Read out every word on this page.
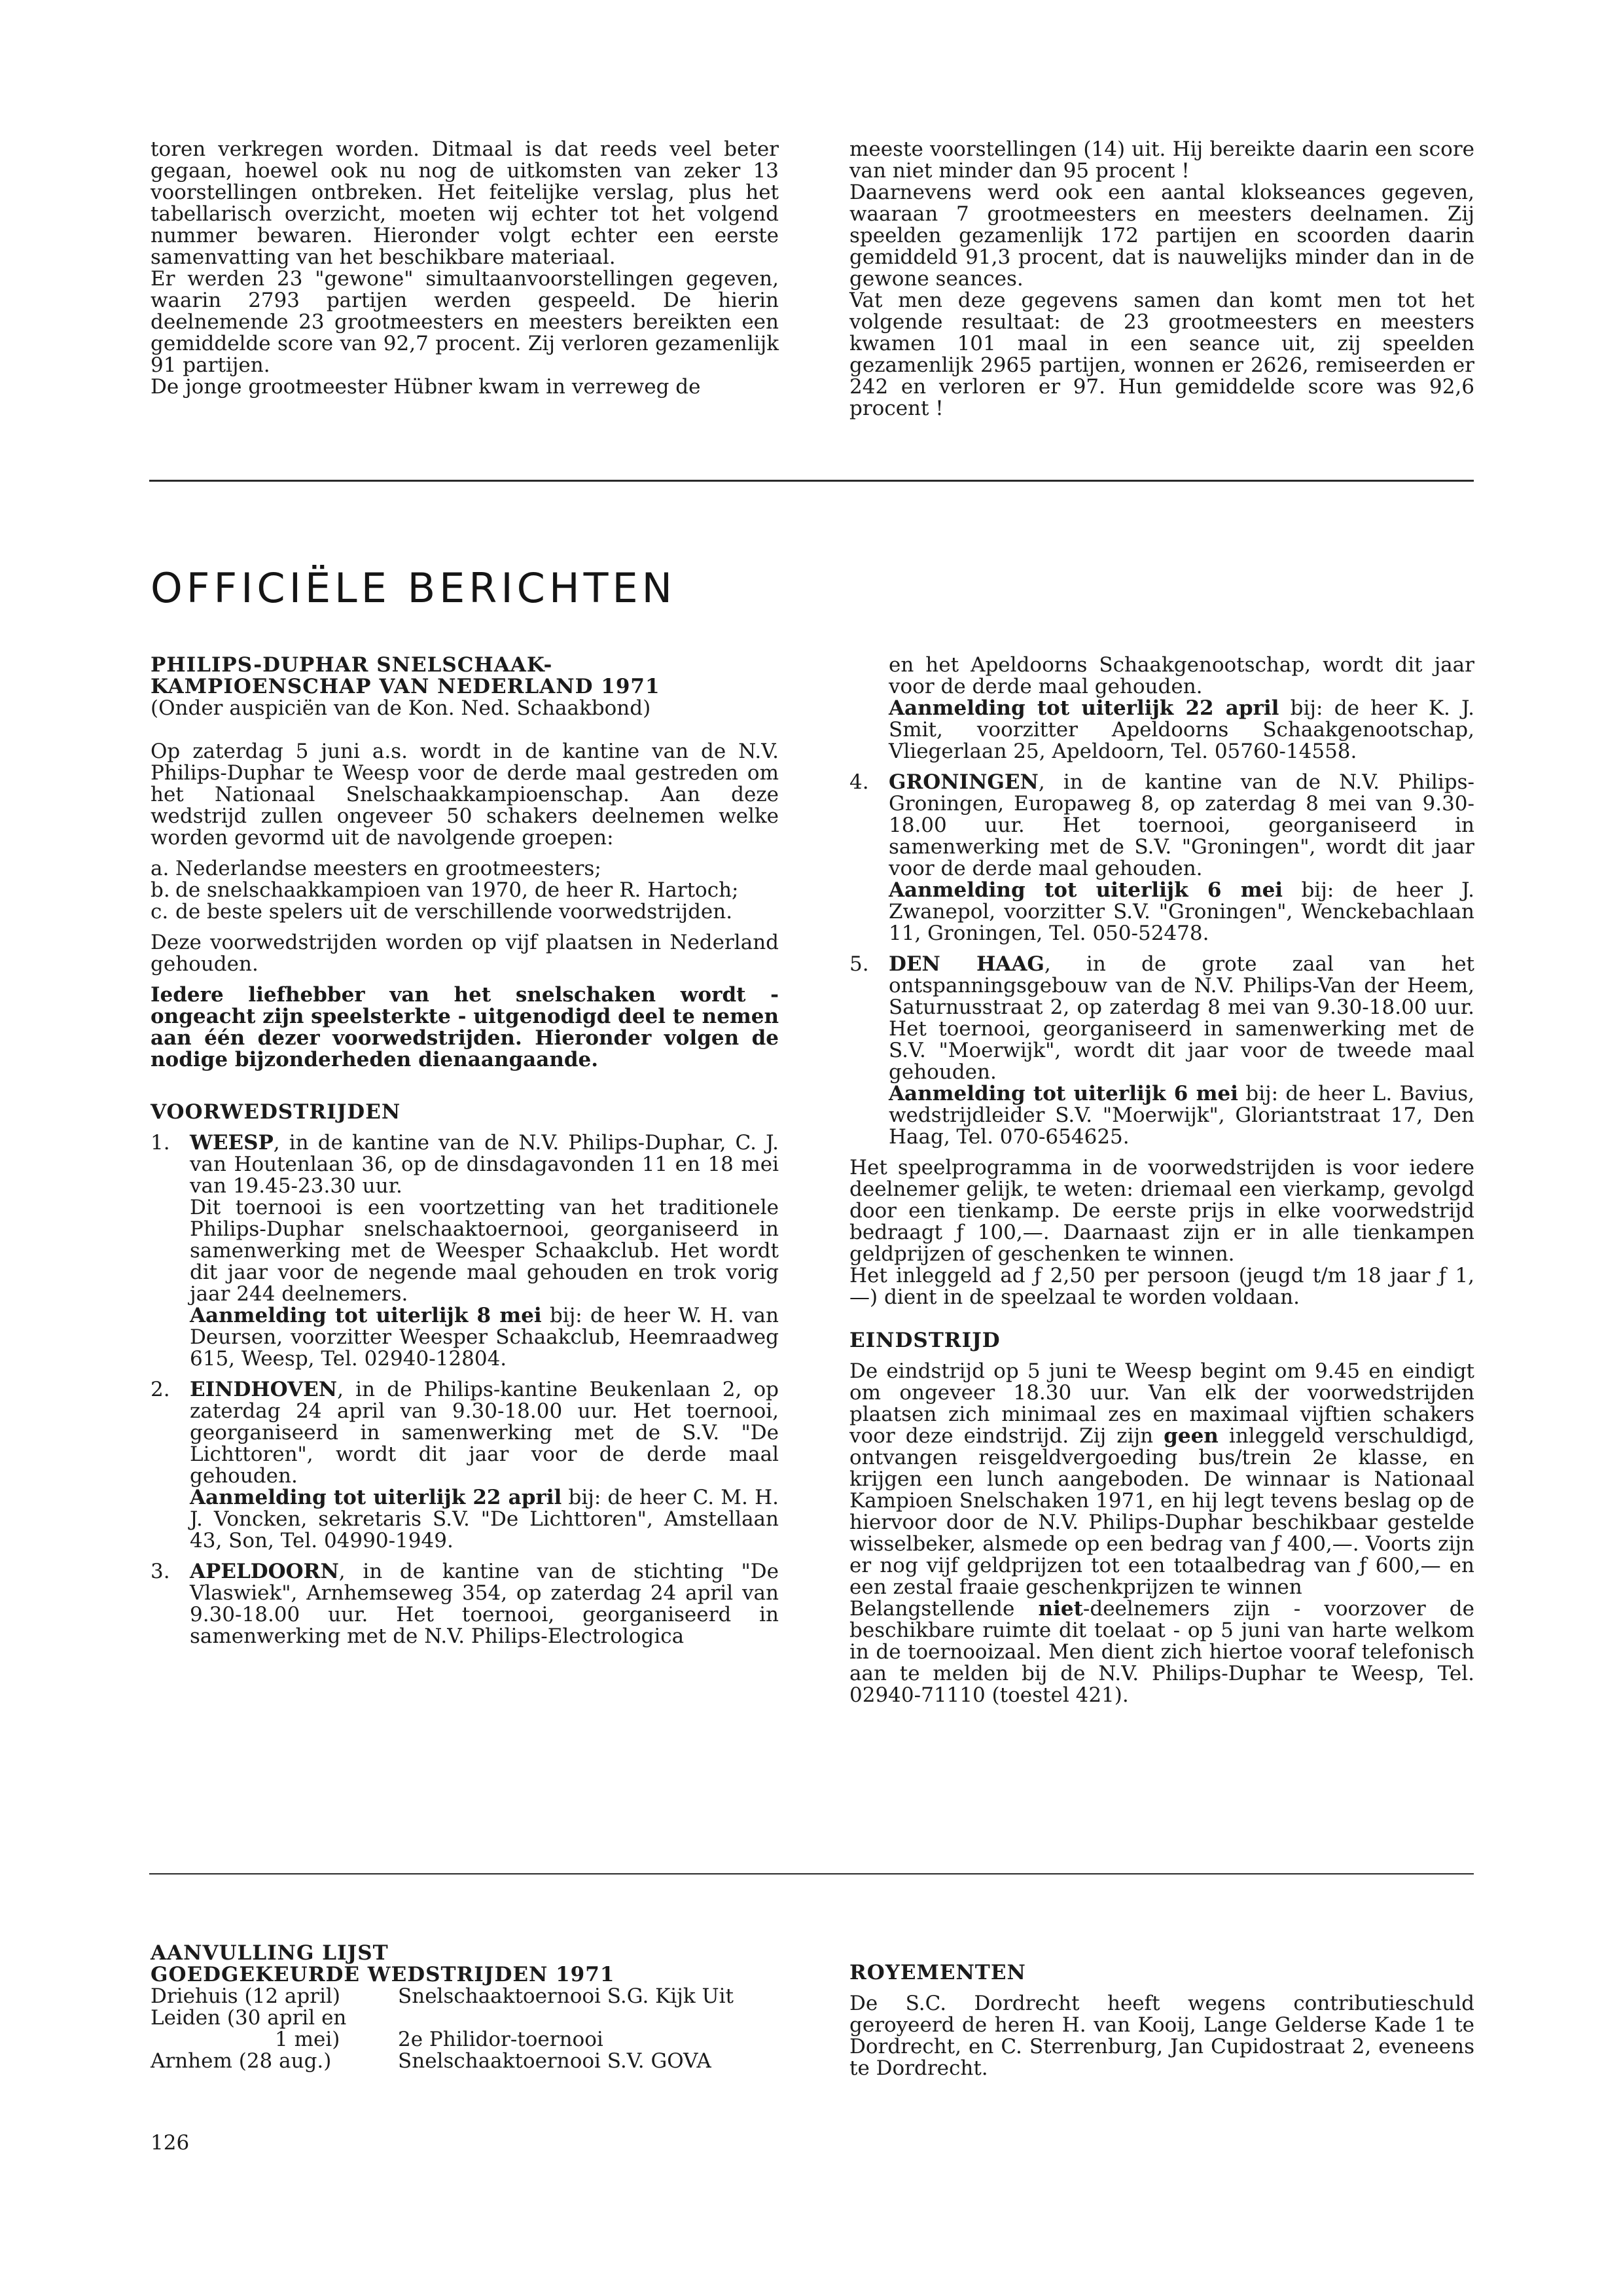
toren verkregen worden. Ditmaal is dat reeds veel beter gegaan, hoewel ook nu nog de uitkomsten van zeker 13 voorstellingen ontbreken. Het feitelijke verslag, plus het tabellarisch overzicht, moeten wij echter tot het volgend nummer bewaren. Hieronder volgt echter een eerste samenvatting van het beschikbare materiaal.

Er werden 23 "gewone" simultaanvoorstellingen gegeven, waarin 2793 partijen werden gespeeld. De hierin deelnemende 23 grootmeesters en meesters bereikten een gemiddelde score van 92,7 procent. Zij verloren gezamenlijk 91 partijen.

De jonge grootmeester Hübner kwam in verreweg de

meeste voorstellingen (14) uit. Hij bereikte daarin een score van niet minder dan 95 procent !

Daarnevens werd ook een aantal klokseances gegeven, waaraan 7 grootmeesters en meesters deelnamen. Zij speelden gezamenlijk 172 partijen en scoorden daarin gemiddeld 91,3 procent, dat is nauwelijks minder dan in de gewone seances.

Vat men deze gegevens samen dan komt men tot het volgende resultaat: de 23 grootmeesters en meesters kwamen 101 maal in een seance uit, zij speelden gezamenlijk 2965 partijen, wonnen er 2626, remiseerden er 242 en verloren er 97. Hun gemiddelde score was 92,6 procent !

OFFICIËLE BERICHTEN
PHILIPS-DUPHAR SNELSCHAAK-
KAMPIOENSCHAP VAN NEDERLAND 1971

(Onder auspiciën van de Kon. Ned. Schaakbond)

Op zaterdag 5 juni a.s. wordt in de kantine van de N.V. Philips-Duphar te Weesp voor de derde maal gestreden om het Nationaal Snelschaakkampioenschap. Aan deze wedstrijd zullen ongeveer 50 schakers deelnemen welke worden gevormd uit de navolgende groepen:

a. Nederlandse meesters en grootmeesters;
b. de snelschaakkampioen van 1970, de heer R. Hartoch;
c. de beste spelers uit de verschillende voorwedstrijden.

Deze voorwedstrijden worden op vijf plaatsen in Nederland gehouden.

Iedere liefhebber van het snelschaken wordt - ongeacht zijn speelsterkte - uitgenodigd deel te nemen aan één dezer voorwedstrijden. Hieronder volgen de nodige bijzonderheden dienaangaande.

VOORWEDSTRIJDEN
1. WEESP, in de kantine van de N.V. Philips-Duphar, C. J. van Houtenlaan 36, op de dinsdagavonden 11 en 18 mei van 19.45-23.30 uur.

Dit toernooi is een voortzetting van het traditionele Philips-Duphar snelschaaktoernooi, georganiseerd in samenwerking met de Weesper Schaakclub. Het wordt dit jaar voor de negende maal gehouden en trok vorig jaar 244 deelnemers.

Aanmelding tot uiterlijk 8 mei bij: de heer W. H. van Deursen, voorzitter Weesper Schaakclub, Heemraadweg 615, Weesp, Tel. 02940-12804.

2. EINDHOVEN, in de Philips-kantine Beukenlaan 2, op zaterdag 24 april van 9.30-18.00 uur. Het toernooi, georganiseerd in samenwerking met de S.V. "De Lichttoren", wordt dit jaar voor de derde maal gehouden.

Aanmelding tot uiterlijk 22 april bij: de heer C. M. H. J. Voncken, sekretaris S.V. "De Lichttoren", Amstellaan 43, Son, Tel. 04990-1949.

3. APELDOORN, in de kantine van de stichting "De Vlaswiek", Arnhemseweg 354, op zaterdag 24 april van 9.30-18.00 uur. Het toernooi, georganiseerd in samenwerking met de N.V. Philips-Electrologica

en het Apeldoorns Schaakgenootschap, wordt dit jaar voor de derde maal gehouden.

Aanmelding tot uiterlijk 22 april bij: de heer K. J. Smit, voorzitter Apeldoorns Schaakgenootschap, Vliegerlaan 25, Apeldoorn, Tel. 05760-14558.

4. GRONINGEN, in de kantine van de N.V. Philips-Groningen, Europaweg 8, op zaterdag 8 mei van 9.30-18.00 uur. Het toernooi, georganiseerd in samenwerking met de S.V. "Groningen", wordt dit jaar voor de derde maal gehouden.

Aanmelding tot uiterlijk 6 mei bij: de heer J. Zwanepol, voorzitter S.V. "Groningen", Wenckebachlaan 11, Groningen, Tel. 050-52478.

5. DEN HAAG, in de grote zaal van het ontspanningsgebouw van de N.V. Philips-Van der Heem, Saturnusstraat 2, op zaterdag 8 mei van 9.30-18.00 uur. Het toernooi, georganiseerd in samenwerking met de S.V. "Moerwijk", wordt dit jaar voor de tweede maal gehouden.

Aanmelding tot uiterlijk 6 mei bij: de heer L. Bavius, wedstrijdleider S.V. "Moerwijk", Gloriantstraat 17, Den Haag, Tel. 070-654625.

Het speelprogramma in de voorwedstrijden is voor iedere deelnemer gelijk, te weten: driemaal een vierkamp, gevolgd door een tienkamp. De eerste prijs in elke voorwedstrijd bedraagt ƒ 100,—. Daarnaast zijn er in alle tienkampen geldprijzen of geschenken te winnen.

Het inleggeld ad ƒ 2,50 per persoon (jeugd t/m 18 jaar ƒ 1,—) dient in de speelzaal te worden voldaan.

EINDSTRIJD

De eindstrijd op 5 juni te Weesp begint om 9.45 en eindigt om ongeveer 18.30 uur. Van elk der voorwedstrijden plaatsen zich minimaal zes en maximaal vijftien schakers voor deze eindstrijd. Zij zijn geen inleggeld verschuldigd, ontvangen reisgeldvergoeding bus/trein 2e klasse, en krijgen een lunch aangeboden. De winnaar is Nationaal Kampioen Snelschaken 1971, en hij legt tevens beslag op de hiervoor door de N.V. Philips-Duphar beschikbaar gestelde wisselbeker, alsmede op een bedrag van ƒ 400,—. Voorts zijn er nog vijf geldprijzen tot een totaalbedrag van ƒ 600,— en een zestal fraaie geschenkprijzen te winnen

Belangstellende niet-deelnemers zijn - voorzover de beschikbare ruimte dit toelaat - op 5 juni van harte welkom in de toernooizaal. Men dient zich hiertoe vooraf telefonisch aan te melden bij de N.V. Philips-Duphar te Weesp, Tel. 02940-71110 (toestel 421).

AANVULLING LIJST
GOEDGEKEURDE WEDSTRIJDEN 1971
Driehuis (12 april)	Snelschaaktoernooi S.G. Kijk Uit
Leiden (30 april en
1 mei)	2e Philidor-toernooi
Arnhem (28 aug.)	Snelschaaktoernooi S.V. GOVA
ROYEMENTEN

De S.C. Dordrecht heeft wegens contributieschuld geroyeerd de heren H. van Kooij, Lange Gelderse Kade 1 te Dordrecht, en C. Sterrenburg, Jan Cupidostraat 2, eveneens te Dordrecht.

126
